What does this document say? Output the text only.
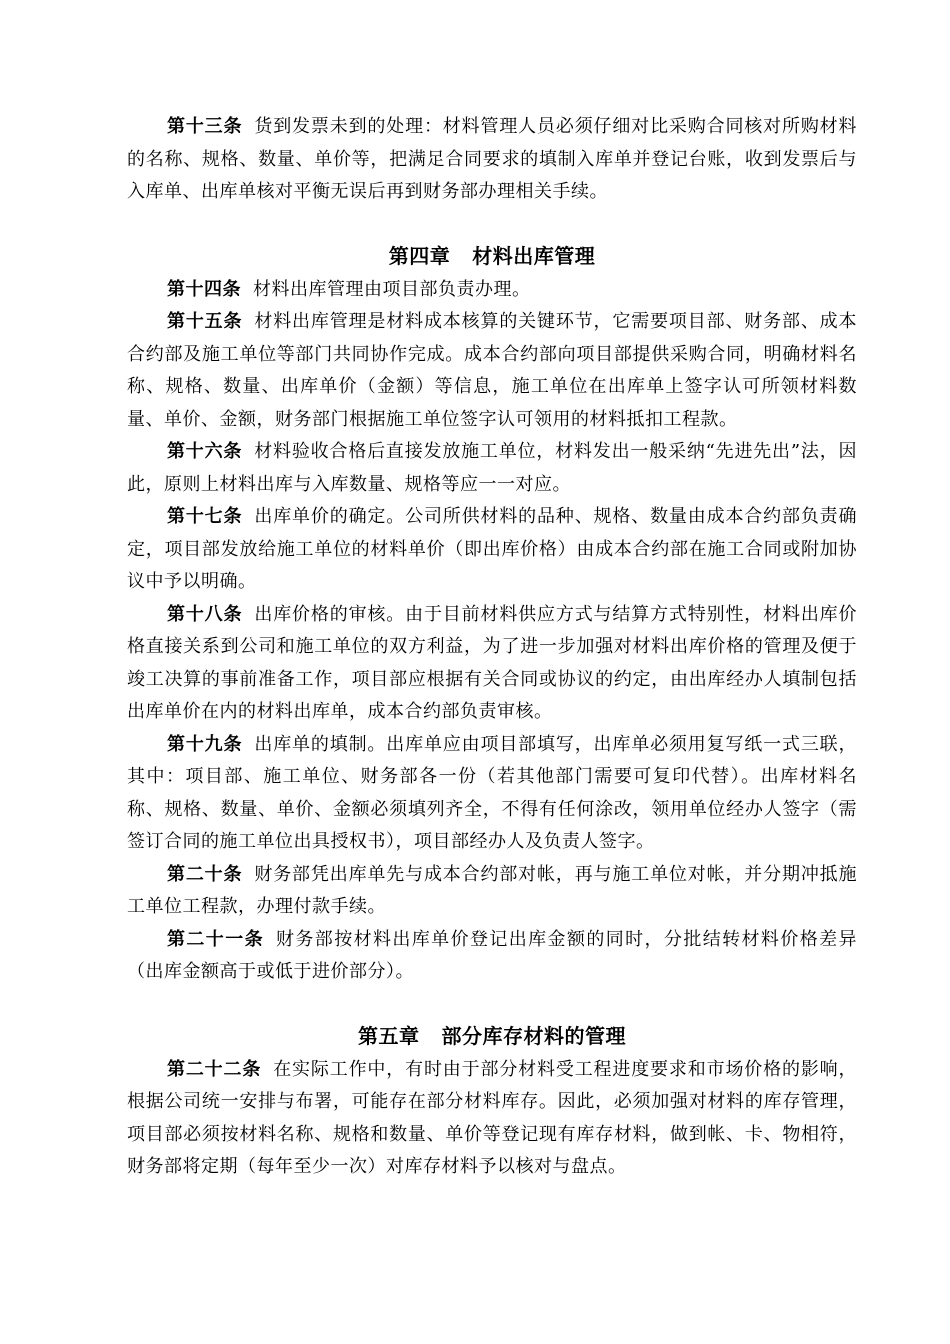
第十三条 货到发票未到的处理：材料管理人员必须仔细对比采购合同核对所购材料的名称、规格、数量、单价等，把满足合同要求的填制入库单并登记台账，收到发票后与入库单、出库单核对平衡无误后再到财务部办理相关手续。

第四章 材料出库管理

第十四条 材料出库管理由项目部负责办理。

第十五条 材料出库管理是材料成本核算的关键环节，它需要项目部、财务部、成本合约部及施工单位等部门共同协作完成。成本合约部向项目部提供采购合同，明确材料名称、规格、数量、出库单价（金额）等信息，施工单位在出库单上签字认可所领材料数量、单价、金额，财务部门根据施工单位签字认可领用的材料抵扣工程款。

第十六条 材料验收合格后直接发放施工单位，材料发出一般采纳“先进先出”法，因此，原则上材料出库与入库数量、规格等应一一对应。

第十七条 出库单价的确定。公司所供材料的品种、规格、数量由成本合约部负责确定，项目部发放给施工单位的材料单价（即出库价格）由成本合约部在施工合同或附加协议中予以明确。

第十八条 出库价格的审核。由于目前材料供应方式与结算方式特别性，材料出库价格直接关系到公司和施工单位的双方利益，为了进一步加强对材料出库价格的管理及便于竣工决算的事前准备工作，项目部应根据有关合同或协议的约定，由出库经办人填制包括出库单价在内的材料出库单，成本合约部负责审核。

第十九条 出库单的填制。出库单应由项目部填写，出库单必须用复写纸一式三联，其中：项目部、施工单位、财务部各一份（若其他部门需要可复印代替）。出库材料名称、规格、数量、单价、金额必须填列齐全，不得有任何涂改，领用单位经办人签字（需签订合同的施工单位出具授权书），项目部经办人及负责人签字。

第二十条 财务部凭出库单先与成本合约部对帐，再与施工单位对帐，并分期冲抵施工单位工程款，办理付款手续。

第二十一条 财务部按材料出库单价登记出库金额的同时，分批结转材料价格差异（出库金额高于或低于进价部分）。

第五章 部分库存材料的管理

第二十二条 在实际工作中，有时由于部分材料受工程进度要求和市场价格的影响，根据公司统一安排与布署，可能存在部分材料库存。因此，必须加强对材料的库存管理，项目部必须按材料名称、规格和数量、单价等登记现有库存材料，做到帐、卡、物相符，财务部将定期（每年至少一次）对库存材料予以核对与盘点。
